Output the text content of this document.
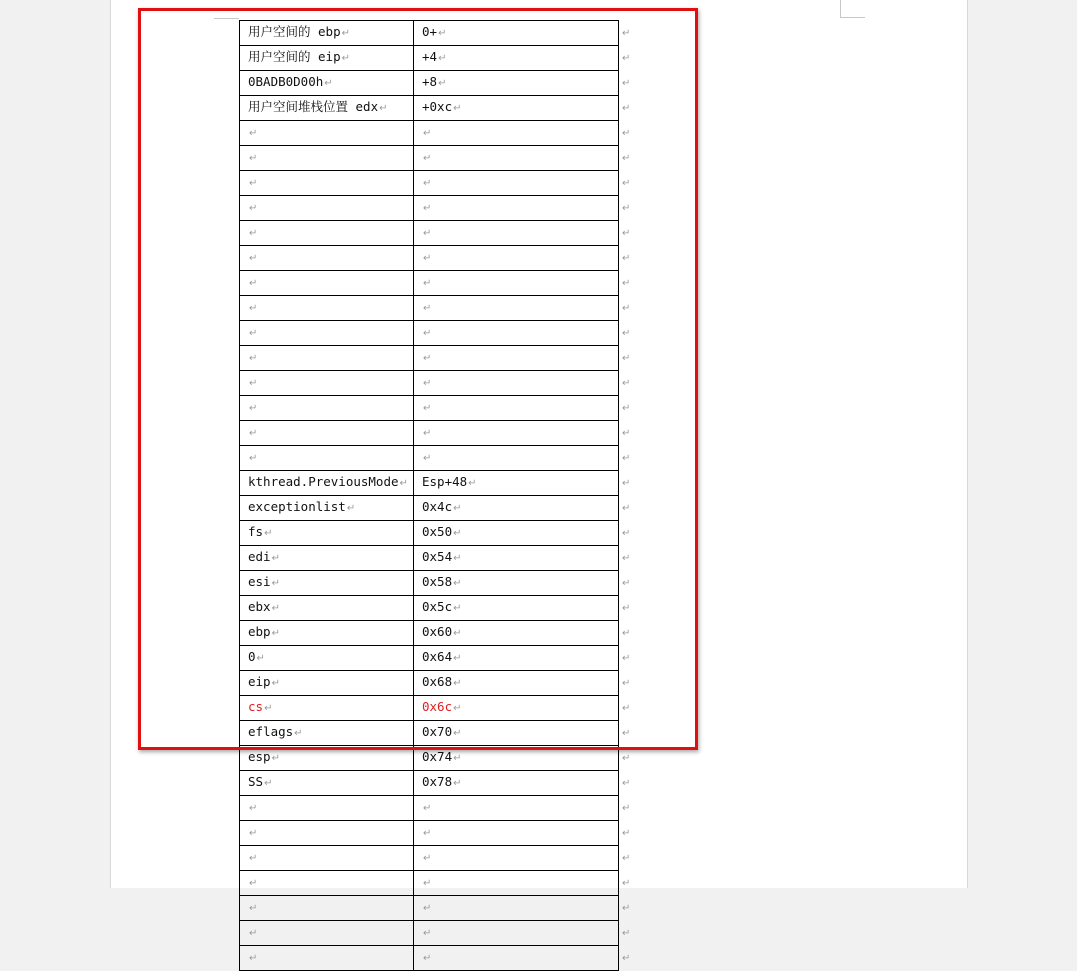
用户空间的 ebp↵	0+↵	↵
用户空间的 eip↵	+4↵	↵
0BADB0D00h↵	+8↵	↵
用户空间堆栈位置 edx↵	+0xc↵	↵
↵	↵	↵
↵	↵	↵
↵	↵	↵
↵	↵	↵
↵	↵	↵
↵	↵	↵
↵	↵	↵
↵	↵	↵
↵	↵	↵
↵	↵	↵
↵	↵	↵
↵	↵	↵
↵	↵	↵
↵	↵	↵
kthread.PreviousMode↵	Esp+48↵	↵
exceptionlist↵	0x4c↵	↵
fs↵	0x50↵	↵
edi↵	0x54↵	↵
esi↵	0x58↵	↵
ebx↵	0x5c↵	↵
ebp↵	0x60↵	↵
0↵	0x64↵	↵
eip↵	0x68↵	↵
cs↵	0x6c↵	↵
eflags↵	0x70↵	↵
esp↵	0x74↵	↵
SS↵	0x78↵	↵
↵	↵	↵
↵	↵	↵
↵	↵	↵
↵	↵	↵
↵	↵	↵
↵	↵	↵
↵	↵	↵
